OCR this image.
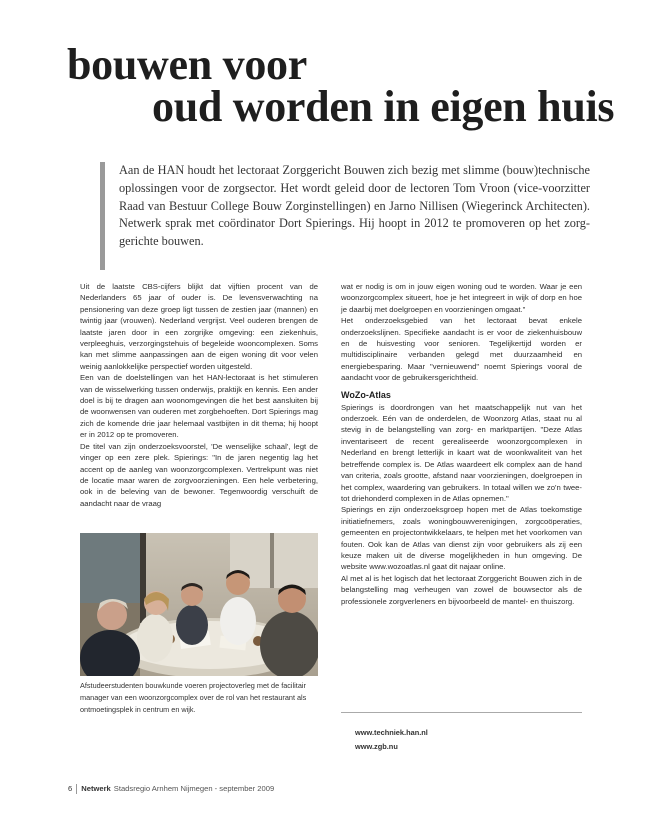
bouwen voor
oud worden in eigen huis

Aan de HAN houdt het lectoraat Zorggericht Bouwen zich bezig met slimme (bouw)technische oplossingen voor de zorgsector. Het wordt geleid door de lectoren Tom Vroon (vice-voorzitter Raad van Bestuur College Bouw Zorginstellingen) en Jarno Nillisen (Wiegerinck Architecten). Netwerk sprak met coördinator Dort Spierings. Hij hoopt in 2012 te promoveren op het zorg-gerichte bouwen.

Uit de laatste CBS-cijfers blijkt dat vijftien procent van de Nederlanders 65 jaar of ouder is. De levensverwachting na pensionering van deze groep ligt tussen de zestien jaar (mannen) en twintig jaar (vrouwen). Nederland vergrijst. Veel ouderen brengen de laatste jaren door in een zorgrijke omgeving: een ziekenhuis, verpleeghuis, verzorgingstehuis of begeleide wooncomplexen. Soms kan met slimme aanpassingen aan de eigen woning dit voor velen weinig aanlokkelijke perspectief worden uitgesteld.

Een van de doelstellingen van het HAN-lectoraat is het stimuleren van de wisselwerking tussen onderwijs, praktijk en kennis. Een ander doel is bij te dragen aan woonomgevingen die het best aansluiten bij de woonwensen van ouderen met zorgbehoeften. Dort Spierings mag zich de komende drie jaar helemaal vastbijten in dit thema; hij hoopt er in 2012 op te promoveren.

De titel van zijn onderzoeksvoorstel, 'De wenselijke schaal', legt de vinger op een zere plek. Spierings: "In de jaren negentig lag het accent op de aanleg van woonzorgcomplexen. Vertrekpunt was niet de locatie maar waren de zorgvoorzieningen. Een hele verbetering, ook in de beleving van de bewoner. Tegenwoordig verschuift de aandacht naar de vraag

Afstudeerstudenten bouwkunde voeren projectoverleg met de facilitair manager van een woonzorgcomplex over de rol van het restaurant als ontmoetingsplek in centrum en wijk.

wat er nodig is om in jouw eigen woning oud te worden. Waar je een woonzorgcomplex situeert, hoe je het integreert in wijk of dorp en hoe je daarbij met doelgroepen en voorzieningen omgaat."

Het onderzoeksgebied van het lectoraat bevat enkele onderzoekslijnen. Specifieke aandacht is er voor de ziekenhuisbouw en de huisvesting voor senioren. Tegelijkertijd worden er multidisciplinaire verbanden gelegd met duurzaamheid en energiebesparing. Maar "vernieuwend" noemt Spierings vooral de aandacht voor de gebruikersgerichtheid.

WoZo-Atlas

Spierings is doordrongen van het maatschappelijk nut van het onderzoek. Eén van de onderdelen, de Woonzorg Atlas, staat nu al stevig in de belangstelling van zorg- en marktpartijen. "Deze Atlas inventariseert de recent gerealiseerde woonzorgcomplexen in Nederland en brengt letterlijk in kaart wat de woonkwaliteit van het betreffende complex is. De Atlas waardeert elk complex aan de hand van criteria, zoals grootte, afstand naar voorzieningen, doelgroepen in het complex, waardering van gebruikers. In totaal willen we zo'n twee- tot driehonderd complexen in de Atlas opnemen."

Spierings en zijn onderzoeksgroep hopen met de Atlas toekomstige initiatiefnemers, zoals woningbouwverenigingen, zorgcoöperaties, gemeenten en projectontwikkelaars, te helpen met het voorkomen van fouten. Ook kan de Atlas van dienst zijn voor gebruikers als zij een keuze maken uit de diverse mogelijkheden in hun omgeving. De website www.wozoatlas.nl gaat dit najaar online.

Al met al is het logisch dat het lectoraat Zorggericht Bouwen zich in de belangstelling mag verheugen van zowel de bouwsector als de professionele zorgverleners en bijvoorbeeld de mantel- en thuiszorg.

www.techniek.han.nl
www.zgb.nu
6	Netwerk Stadsregio Arnhem Nijmegen - september 2009
